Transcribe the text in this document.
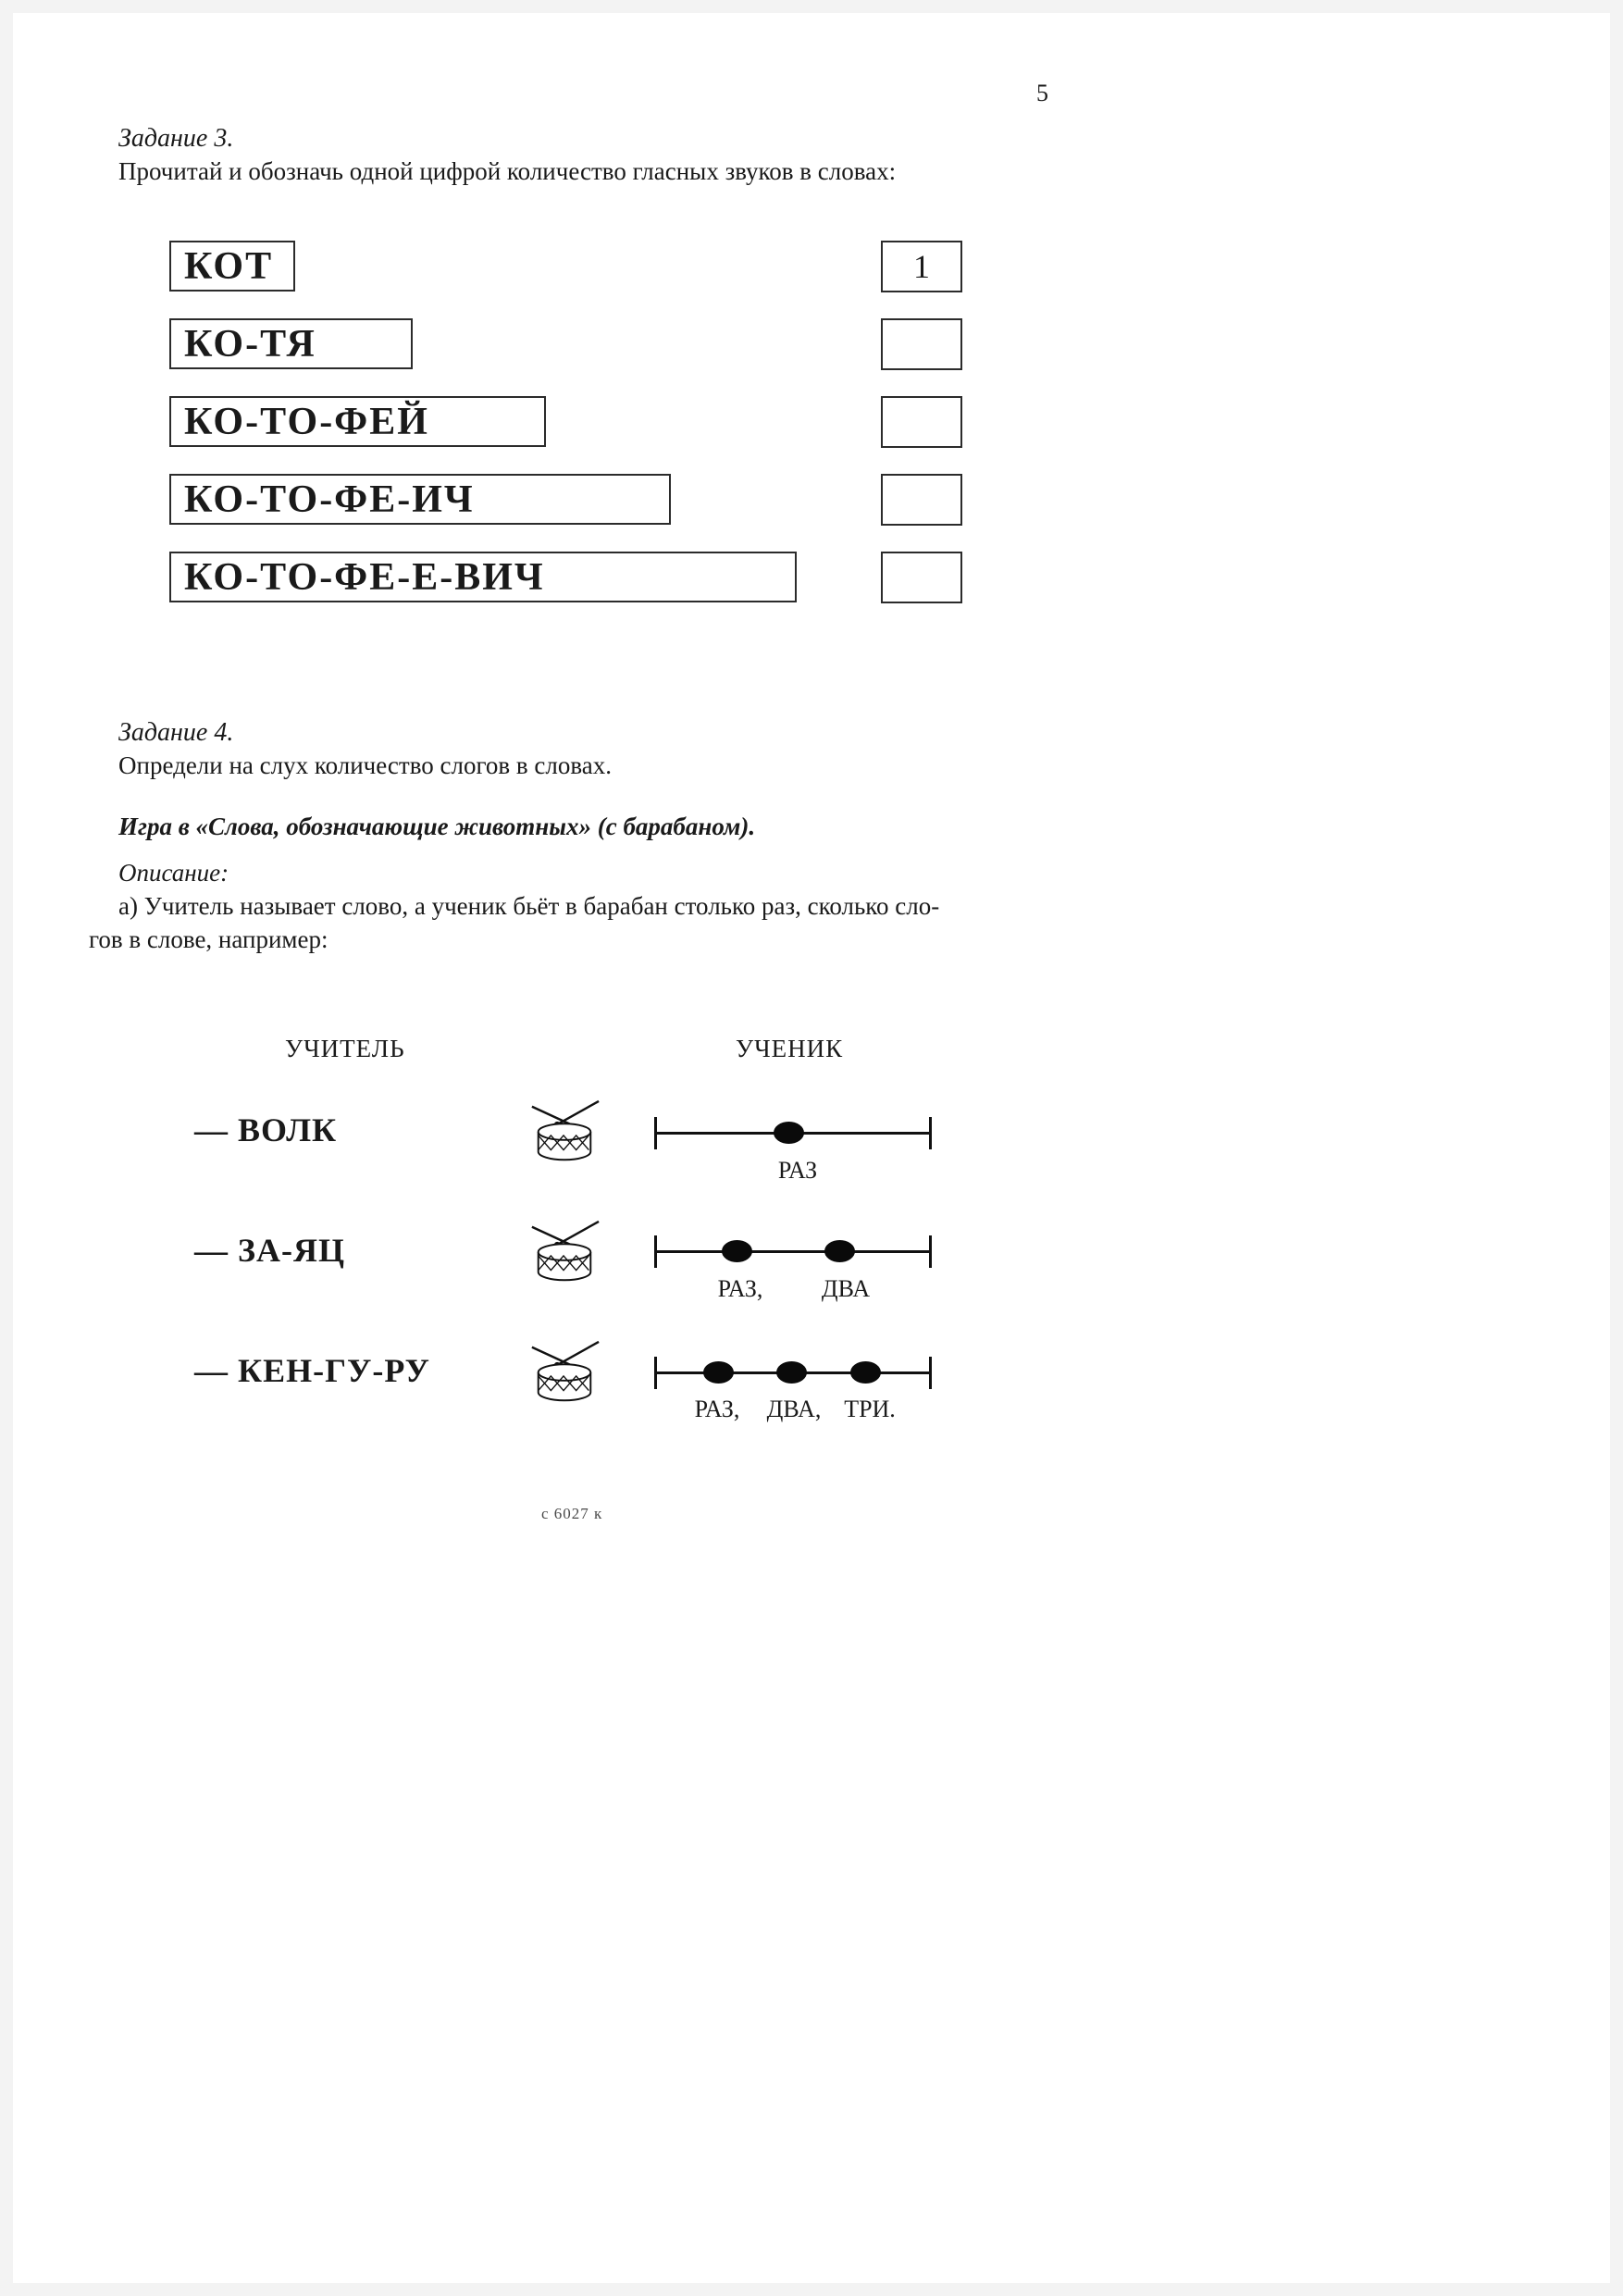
5
Задание 3.
Прочитай и обозначь одной цифрой количество гласных звуков в словах:
КОТ
КО-ТЯ
КО-ТО-ФЕЙ
КО-ТО-ФЕ-ИЧ
КО-ТО-ФЕ-Е-ВИЧ
1
Задание 4.
Определи на слух количество слогов в словах.
Игра в «Слова, обозначающие животных» (с барабаном).
Описание:
а) Учитель называет слово, а ученик бьёт в барабан столько раз, сколько сло-
гов в слове, например:
УЧИТЕЛЬ	УЧЕНИК
— ВОЛК
РАЗ
— ЗА-ЯЦ
РАЗ, ДВА
— КЕН-ГУ-РУ
РАЗ, ДВА, ТРИ.
с 6027 к
